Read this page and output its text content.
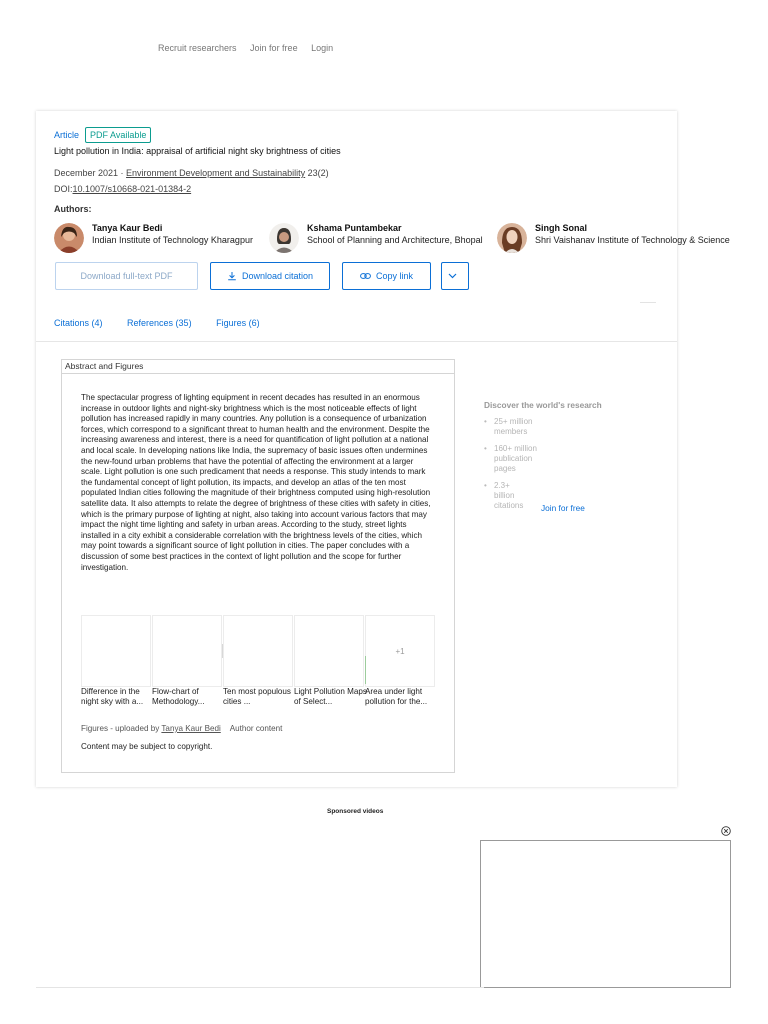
Recruit researchers Join for free Login
Article	PDF Available
Light pollution in India: appraisal of artificial night sky brightness of cities
December 2021 · Environment Development and Sustainability 23(2)
DOI:10.1007/s10668-021-01384-2
Authors:
Tanya Kaur Bedi
Indian Institute of Technology Kharagpur
Kshama Puntambekar
School of Planning and Architecture, Bhopal
Singh Sonal
Shri Vaishanav Institute of Technology & Science
Download full-text PDF	Download citation	Copy link
Citations (4)	References (35)	Figures (6)
Abstract and Figures
The spectacular progress of lighting equipment in recent decades has resulted in an enormous increase in outdoor lights and night-sky brightness which is the most noticeable effects of light pollution has increased rapidly in many countries. Any pollution is a consequence of urbanization forces, which correspond to a significant threat to human health and the environment. Despite the increasing awareness and interest, there is a need for quantification of light pollution at a national and local scale. In developing nations like India, the supremacy of basic issues often undermines the new-found urban problems that have the potential of affecting the environment at a larger scale. Light pollution is one such predicament that needs a response. This study intends to mark the fundamental concept of light pollution, its impacts, and develop an atlas of the ten most populated Indian cities following the magnitude of their brightness computed using high-resolution satellite data. It also attempts to relate the degree of brightness of these cities with safety in cities, which is the primary purpose of lighting at night, also taking into account various factors that may impact the night time lighting and safety in urban areas. According to the study, street lights installed in a city exhibit a considerable correlation with the brightness levels of the cities, which may point towards a significant source of light pollution in cities. The paper concludes with a discussion of some best practices in the context of light pollution and the scope for further investigation.
+1
Difference in the night sky with a...
Flow-chart of Methodology...
Ten most populous cities ...
Light Pollution Maps of Select...
Area under light pollution for the...
Figures - uploaded by Tanya Kaur Bedi Author content
Content may be subject to copyright.
Discover the world's research
• 25+ million members
• 160+ million publication pages
• 2.3+ billion citations	Join for free
Sponsored videos
